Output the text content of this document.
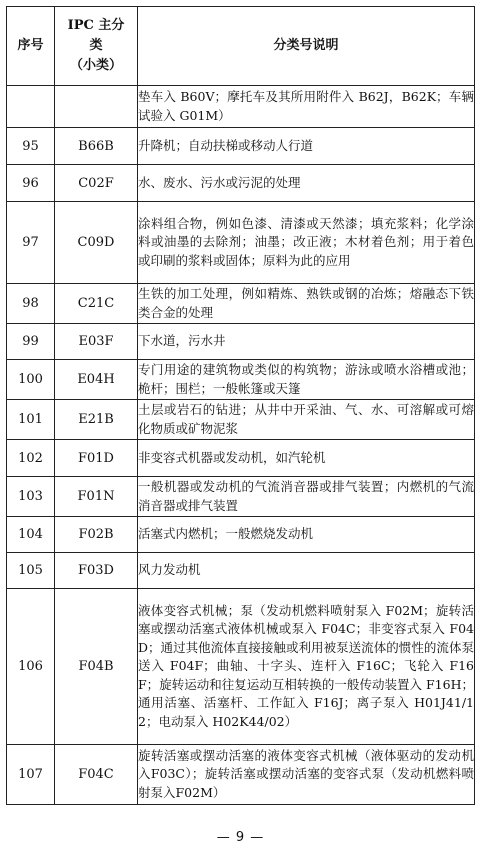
序号	IPC 主分
类
（小类）	分类号说明
		垫车入 B60V；摩托车及其所用附件入 B62J，B62K；车辆试验入 G01M）
95	B66B	升降机；自动扶梯或移动人行道
96	C02F	水、废水、污水或污泥的处理
97	C09D	涂料组合物，例如色漆、清漆或天然漆；填充浆料；化学涂料或油墨的去除剂；油墨；改正液；木材着色剂；用于着色或印刷的浆料或固体；原料为此的应用
98	C21C	生铁的加工处理，例如精炼、熟铁或钢的冶炼；熔融态下铁类合金的处理
99	E03F	下水道，污水井
100	E04H	专门用途的建筑物或类似的构筑物；游泳或喷水浴槽或池；桅杆；围栏；一般帐篷或天篷
101	E21B	土层或岩石的钻进；从井中开采油、气、水、可溶解或可熔化物质或矿物泥浆
102	F01D	非变容式机器或发动机，如汽轮机
103	F01N	一般机器或发动机的气流消音器或排气装置；内燃机的气流消音器或排气装置
104	F02B	活塞式内燃机；一般燃烧发动机
105	F03D	风力发动机
106	F04B	液体变容式机械；泵（发动机燃料喷射泵入 F02M；旋转活塞或摆动活塞式液体机械或泵入 F04C；非变容式泵入 F04D；通过其他流体直接接触或利用被泵送流体的惯性的流体泵送入 F04F；曲轴、十字头、连杆入 F16C；飞轮入 F16F；旋转运动和往复运动互相转换的一般传动装置入 F16H；通用活塞、活塞杆、工作缸入 F16J；离子泵入 H01J41/12；电动泵入 H02K44/02）
107	F04C	旋转活塞或摆动活塞的液体变容式机械（液体驱动的发动机入F03C）；旋转活塞或摆动活塞的变容式泵（发动机燃料喷射泵入F02M）
— 9 —
